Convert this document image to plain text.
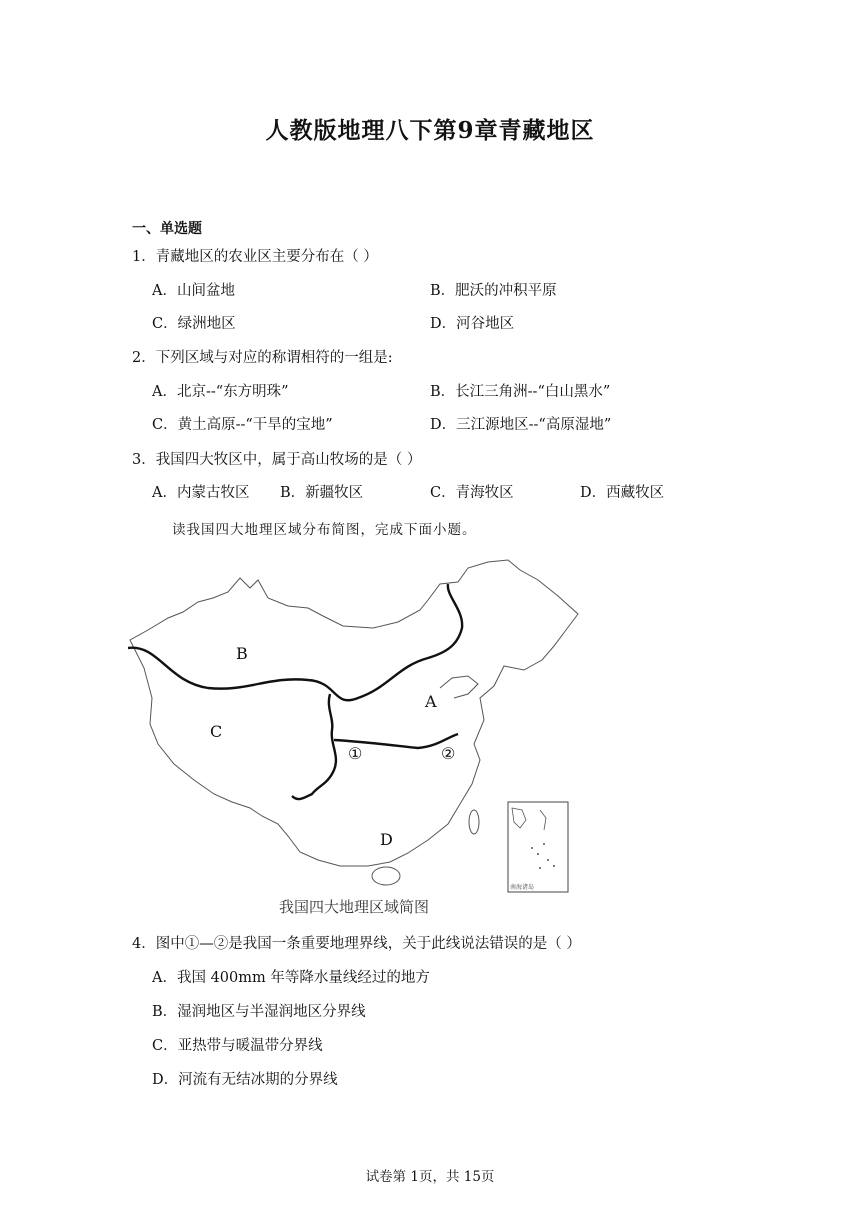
人教版地理八下第9章青藏地区
一、单选题
1．青藏地区的农业区主要分布在（ ）
A．山间盆地	B．肥沃的冲积平原
C．绿洲地区	D．河谷地区
2．下列区域与对应的称谓相符的一组是:
A．北京--“东方明珠”	B．长江三角洲--“白山黑水”
C．黄土高原--“干旱的宝地”	D．三江源地区--“高原湿地”
3．我国四大牧区中，属于高山牧场的是（ ）
A．内蒙古牧区 B．新疆牧区	C．青海牧区	D．西藏牧区
读我国四大地理区域分布简图，完成下面小题。
B
C
A
D
①	②
南海诸岛
我国四大地理区域简图
4．图中①—②是我国一条重要地理界线，关于此线说法错误的是（ ）
A．我国 400mm 年等降水量线经过的地方
B．湿润地区与半湿润地区分界线
C．亚热带与暖温带分界线
D．河流有无结冰期的分界线
试卷第 1页，共 15页
